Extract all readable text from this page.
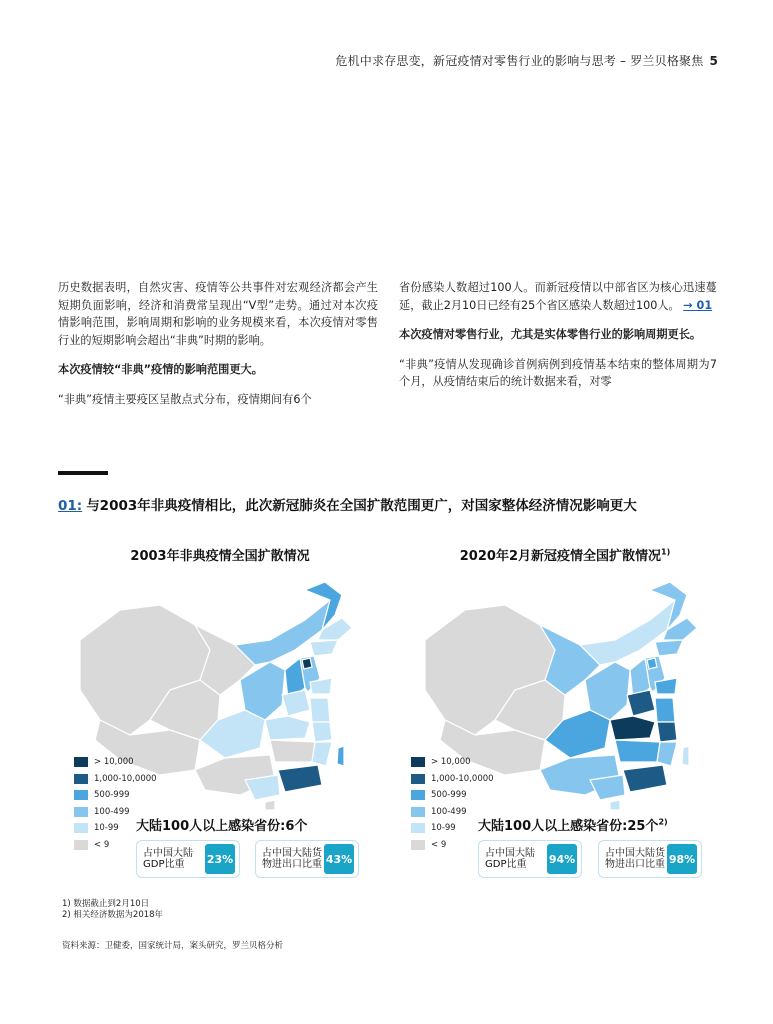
危机中求存思变，新冠疫情对零售行业的影响与思考 – 罗兰贝格聚焦 5

历史数据表明，自然灾害、疫情等公共事件对宏观经济都会产生短期负面影响，经济和消费常呈现出“V型”走势。通过对本次疫情影响范围，影响周期和影响的业务规模来看，本次疫情对零售行业的短期影响会超出“非典”时期的影响。

本次疫情较“非典”疫情的影响范围更大。

“非典”疫情主要疫区呈散点式分布，疫情期间有6个

省份感染人数超过100人。而新冠疫情以中部省区为核心迅速蔓延，截止2月10日已经有25个省区感染人数超过100人。 → 01

本次疫情对零售行业，尤其是实体零售行业的影响周期更长。

“非典”疫情从发现确诊首例病例到疫情基本结束的整体周期为7个月，从疫情结束后的统计数据来看，对零

01: 与2003年非典疫情相比，此次新冠肺炎在全国扩散范围更广，对国家整体经济情况影响更大
2003年非典疫情全国扩散情况	2020年2月新冠疫情全国扩散情况$^{1)}$
> 10,000
1,000-10,0000
500-999
100-499
10-99
< 9
> 10,000
1,000-10,0000
500-999
100-499
10-99
< 9
大陆100人以上感染省份:6个
占中国大陆GDP比重	23%	占中国大陆货物进出口比重 43%
大陆100人以上感染省份:25个$^{2)}$
占中国大陆GDP比重	94%	占中国大陆货物进出口比重 98%
1) 数据截止到2月10日
2) 相关经济数据为2018年
资料来源：卫健委，国家统计局，案头研究，罗兰贝格分析
